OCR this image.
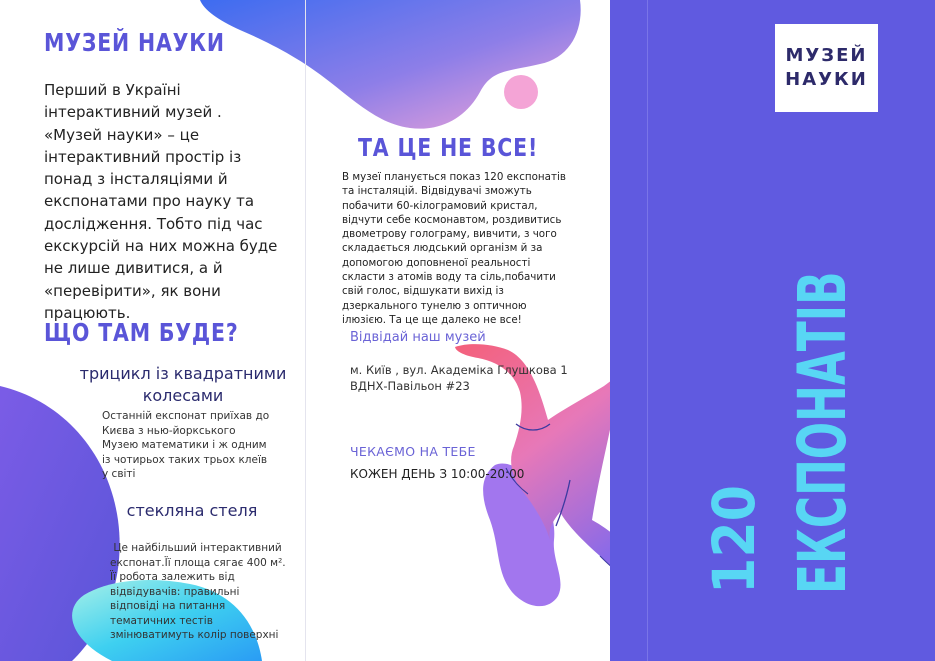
МУЗЕЙ НАУКИ
Перший в Україні інтерактивний музей . «Музей науки» – це інтерактивний простір із понад з інсталяціями й експонатами про науку та дослідження. Тобто під час екскурсій на них можна буде не лише дивитися, а й «перевірити», як вони працюють.
ЩО ТАМ БУДЕ?
трицикл із квадратними колесами
Останній експонат приїхав до Києва з нью-йоркського Музею математики і ж одним із чотирьох таких трьох клеїв у світі
стекляна стеля
Це найбільший інтерактивний експонат.Її площа сягає 400 м². Її робота залежить від відвідувачів: правильні відповіді на питання тематичних тестів змінюватимуть колір поверхні
ТА ЦЕ НЕ ВСЕ!
В музеї планується показ 120 експонатів та інсталяцій. Відвідувачі зможуть побачити 60-кілограмовий кристал, відчути себе космонавтом, роздивитись двометрову голограму, вивчити, з чого складається людський організм й за допомогою доповненої реальності скласти з атомів воду та сіль,побачити свій голос, відшукати вихід із дзеркального тунелю з оптичною ілюзією. Та це ще далеко не все!
Відвідай наш музей
м. Київ , вул. Академіка Глушкова 1 ВДНХ-Павільон #23
ЧЕКАЄМО НА ТЕБЕ
КОЖЕН ДЕНЬ З 10:00-20:00
МУЗЕЙ
НАУКИ
120 ЕКСПОНАТІВ
